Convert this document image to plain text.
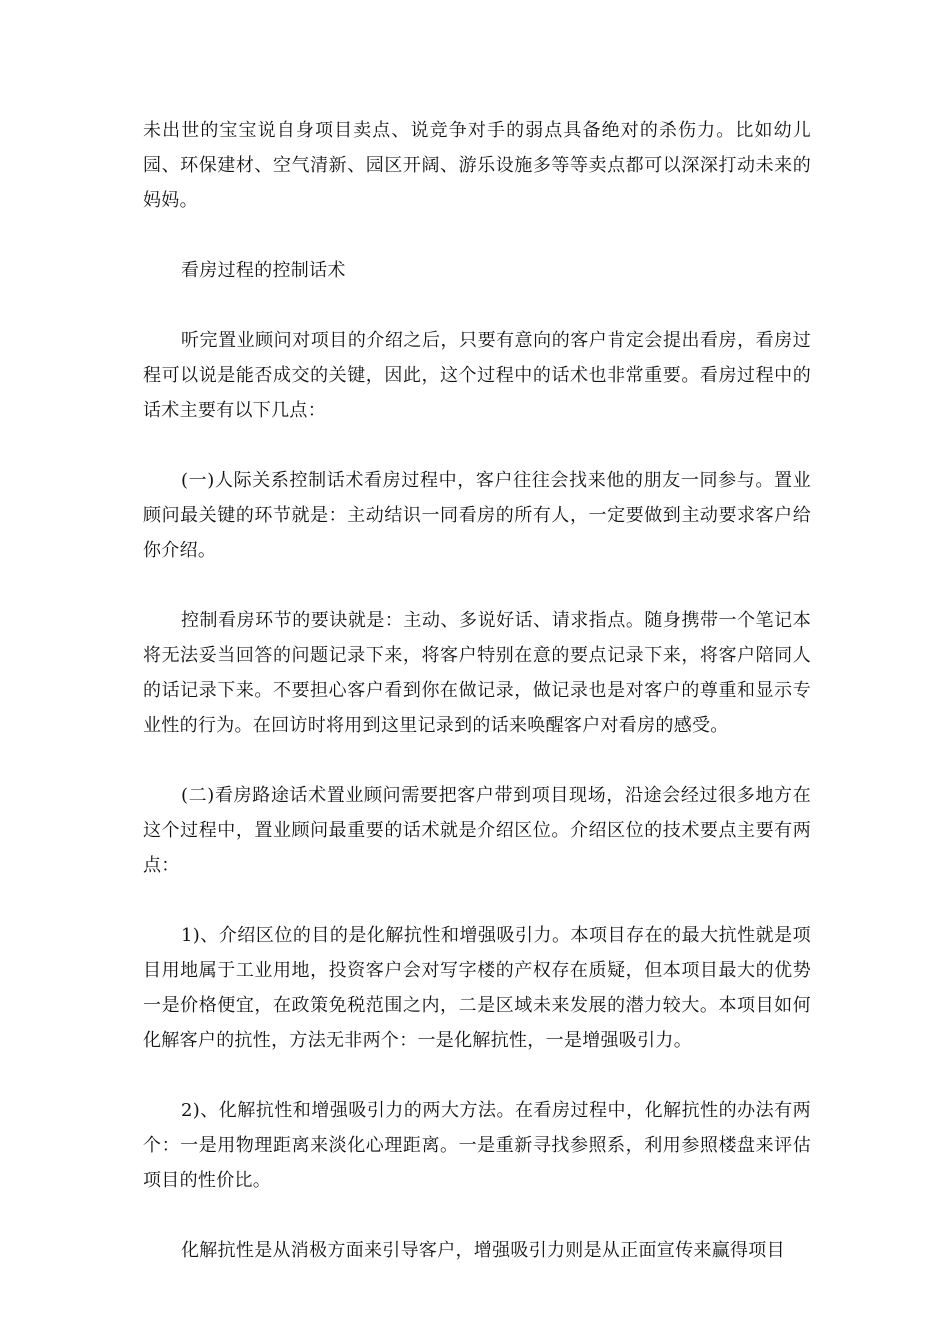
未出世的宝宝说自身项目卖点、说竞争对手的弱点具备绝对的杀伤力。比如幼儿园、环保建材、空气清新、园区开阔、游乐设施多等等卖点都可以深深打动未来的妈妈。

看房过程的控制话术

听完置业顾问对项目的介绍之后，只要有意向的客户肯定会提出看房，看房过程可以说是能否成交的关键，因此，这个过程中的话术也非常重要。看房过程中的话术主要有以下几点：

(一)人际关系控制话术看房过程中，客户往往会找来他的朋友一同参与。置业顾问最关键的环节就是：主动结识一同看房的所有人，一定要做到主动要求客户给你介绍。

控制看房环节的要诀就是：主动、多说好话、请求指点。随身携带一个笔记本将无法妥当回答的问题记录下来，将客户特别在意的要点记录下来，将客户陪同人的话记录下来。不要担心客户看到你在做记录，做记录也是对客户的尊重和显示专业性的行为。在回访时将用到这里记录到的话来唤醒客户对看房的感受。

(二)看房路途话术置业顾问需要把客户带到项目现场，沿途会经过很多地方在这个过程中，置业顾问最重要的话术就是介绍区位。介绍区位的技术要点主要有两点：

1)、介绍区位的目的是化解抗性和增强吸引力。本项目存在的最大抗性就是项目用地属于工业用地，投资客户会对写字楼的产权存在质疑，但本项目最大的优势一是价格便宜，在政策免税范围之内，二是区域未来发展的潜力较大。本项目如何化解客户的抗性，方法无非两个：一是化解抗性，一是增强吸引力。

2)、化解抗性和增强吸引力的两大方法。在看房过程中，化解抗性的办法有两个：一是用物理距离来淡化心理距离。一是重新寻找参照系，利用参照楼盘来评估项目的性价比。

化解抗性是从消极方面来引导客户，增强吸引力则是从正面宣传来赢得项目
